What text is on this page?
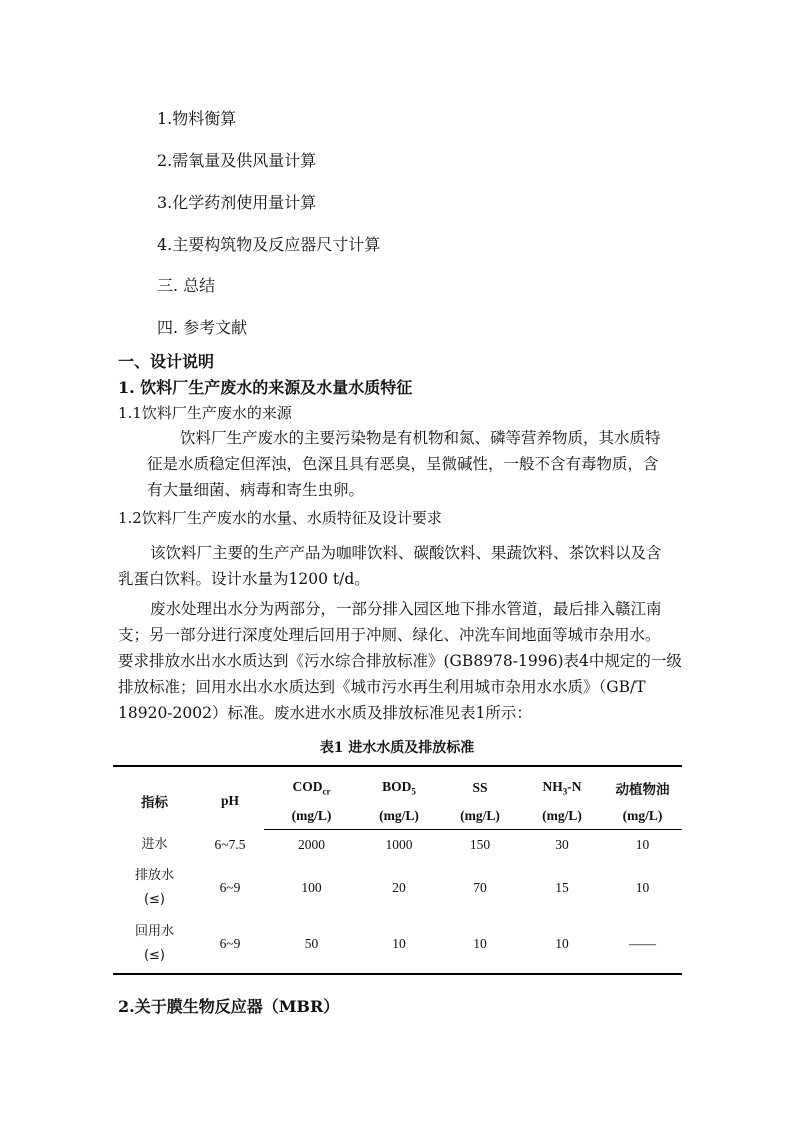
1.物料衡算
2.需氧量及供风量计算
3.化学药剂使用量计算
4.主要构筑物及反应器尺寸计算
三. 总结
四. 参考文献
一、设计说明
1. 饮料厂生产废水的来源及水量水质特征
1.1饮料厂生产废水的来源
饮料厂生产废水的主要污染物是有机物和氮、磷等营养物质，其水质特
征是水质稳定但浑浊，色深且具有恶臭，呈微碱性，一般不含有毒物质，含
有大量细菌、病毒和寄生虫卵。
1.2饮料厂生产废水的水量、水质特征及设计要求
该饮料厂主要的生产产品为咖啡饮料、碳酸饮料、果蔬饮料、茶饮料以及含
乳蛋白饮料。设计水量为1200 t/d。
废水处理出水分为两部分，一部分排入园区地下排水管道，最后排入赣江南
支；另一部分进行深度处理后回用于冲厕、绿化、冲洗车间地面等城市杂用水。
要求排放水出水水质达到《污水综合排放标准》(GB8978-1996)表4中规定的一级
排放标准；回用水出水水质达到《城市污水再生利用城市杂用水水质》（GB/T
18920-2002）标准。废水进水水质及排放标准见表1所示：
表1 进水水质及排放标准
指标	pH	$COD_{cr}$	$BOD_5$	SS	$NH_3-N$	动植物油
		(mg/L)	(mg/L)	(mg/L)	(mg/L)	(mg/L)
进水	6~7.5	2000	1000	150	30	10
排放水
(≤)	6~9	100	20	70	15	10
回用水
(≤)	6~9	50	10	10	10	——
2.关于膜生物反应器（MBR）
